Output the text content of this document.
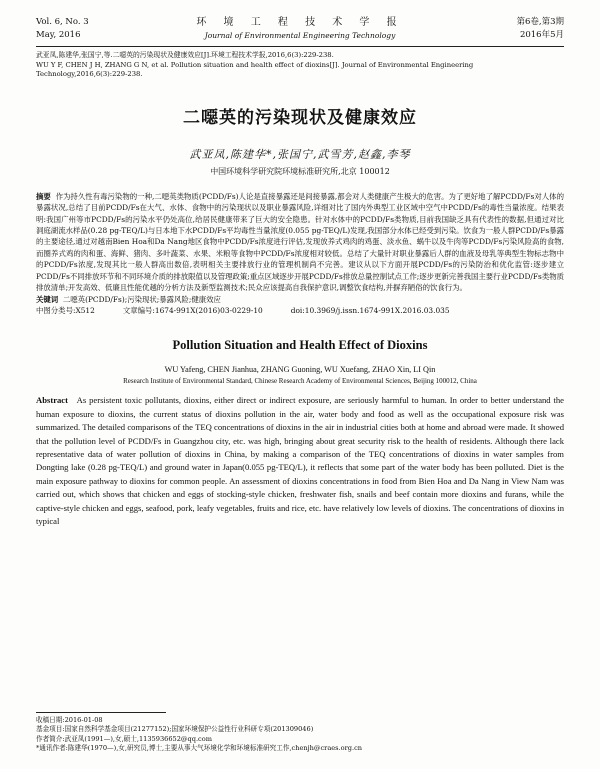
Vol. 6, No. 3
May, 2016
环 境 工 程 技 术 学 报
Journal of Environmental Engineering Technology
第6卷,第3期
2016年5月
武亚凤,陈建华,张国宁,等.二噁英的污染现状及健康效应[J].环境工程技术学报,2016,6(3):229-238.
WU Y F, CHEN J H, ZHANG G N, et al. Pollution situation and health effect of dioxins[J]. Journal of Environmental Engineering Technology,2016,6(3):229-238.
二噁英的污染现状及健康效应
武亚凤,陈建华*,张国宁,武雪芳,赵鑫,李琴
中国环境科学研究院环境标准研究所,北京 100012
摘要 作为持久性有毒污染物的一种,二噁英类物质(PCDD/Fs)人论是直接暴露还是间接暴露,都会对人类健康产生极大的危害。为了更好地了解PCDD/Fs对人体的暴露状况,总结了目前PCDD/Fs在大气、水体、食物中的污染现状以及职业暴露风险,详细对比了国内外典型工业区域中空气中PCDD/Fs的毒性当量浓度。结果表明:我国广州等市PCDD/Fs的污染水平仍处高位,给居民健康带来了巨大的安全隐患。针对水体中的PCDD/Fs类物质,目前我国缺乏具有代表性的数据,但通过对比洞庭湖流水样品(0.28 pg-TEQ/L)与日本地下水PCDD/Fs平均毒性当量浓度(0.055 pg-TEQ/L)发现,我国部分水体已经受到污染。饮食为一般人群PCDD/Fs暴露的主要途径,通过对越南Bien Hoa和Da Nang地区食物中PCDD/Fs浓度进行评估,发现放养式鸡肉的鸡蛋、淡水鱼、蜗牛以及牛肉等PCDD/Fs污染风险高的食物,而圈养式鸡的肉和蛋、海鲜、猪肉、多叶蔬菜、水果、米粮等食物中PCDD/Fs浓度相对较低。总结了大量针对职业暴露后人群的血液及母乳等典型生物标志物中的PCDD/Fs浓度,发现其比一般人群高出数倍,表明相关主要排放行业的管理机制尚不完善。建议从以下方面开展PCDD/Fs的污染防治和优化监管:逐步建立PCDD/Fs不同排放环节和不同环境介质的排放限值以及管理政策;重点区域逐步开展PCDD/Fs排放总量控制试点工作;逐步更新完善我国主要行业PCDD/Fs类物质排放清单;开发高效、低廉且性能优越的分析方法及新型监测技术;民众应该提高自我保护意识,调整饮食结构,并摒弃陋俗的饮食行为。
关键词 二噁英(PCDD/Fs);污染现状;暴露风险;健康效应
中图分类号:X512	文章编号:1674-991X(2016)03-0229-10	doi:10.3969/j.issn.1674-991X.2016.03.035
Pollution Situation and Health Effect of Dioxins
WU Yafeng, CHEN Jianhua, ZHANG Guoning, WU Xuefang, ZHAO Xin, LI Qin
Research Institute of Environmental Standard, Chinese Research Academy of Environmental Sciences, Beijing 100012, China
Abstract As persistent toxic pollutants, dioxins, either direct or indirect exposure, are seriously harmful to human. In order to better understand the human exposure to dioxins, the current status of dioxins pollution in the air, water body and food as well as the occupational exposure risk was summarized. The detailed comparisons of the TEQ concentrations of dioxins in the air in industrial cities both at home and abroad were made. It showed that the pollution level of PCDD/Fs in Guangzhou city, etc. was high, bringing about great security risk to the health of residents. Although there lack representative data of water pollution of dioxins in China, by making a comparison of the TEQ concentrations of dioxins in water samples from Dongting lake (0.28 pg-TEQ/L) and ground water in Japan(0.055 pg-TEQ/L), it reflects that some part of the water body has been polluted. Diet is the main exposure pathway to dioxins for common people. An assessment of dioxins concentrations in food from Bien Hoa and Da Nang in View Nam was carried out, which shows that chicken and eggs of stocking-style chicken, freshwater fish, snails and beef contain more dioxins and furans, while the captive-style chicken and eggs, seafood, pork, leafy vegetables, fruits and rice, etc. have relatively low levels of dioxins. The concentrations of dioxins in typical
收稿日期:2016-01-08
基金项目:国家自然科学基金项目(21277152);国家环境保护公益性行业科研专项(201309046)
作者简介:武亚凤(1991—),女,硕士,1135936652@qq.com
*通讯作者:陈建华(1970—),女,研究员,博士,主要从事大气环境化学和环境标准研究工作,chenjh@craes.org.cn
